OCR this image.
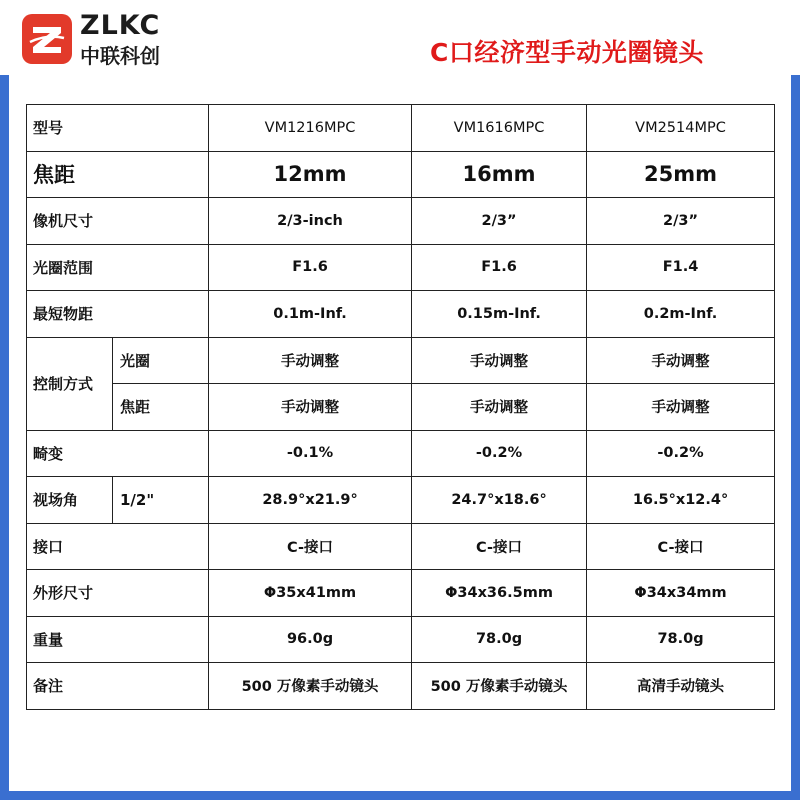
ZLKC
中联科创	C口经济型手动光圈镜头
型号		VM1216MPC	VM1616MPC	VM2514MPC
焦距		12mm	16mm	25mm
像机尺寸		2/3-inch	2/3”	2/3”
光圈范围		F1.6	F1.6	F1.4
最短物距		0.1m-Inf.	0.15m-Inf.	0.2m-Inf.
控制方式	光圈	手动调整	手动调整	手动调整
	焦距	手动调整	手动调整	手动调整
畸变		-0.1%	-0.2%	-0.2%
视场角	1/2"	28.9°x21.9°	24.7°x18.6°	16.5°x12.4°
接口		C-接口	C-接口	C-接口
外形尺寸		Φ35x41mm	Φ34x36.5mm	Φ34x34mm
重量		96.0g	78.0g	78.0g
备注		500 万像素手动镜头	500 万像素手动镜头	高清手动镜头
